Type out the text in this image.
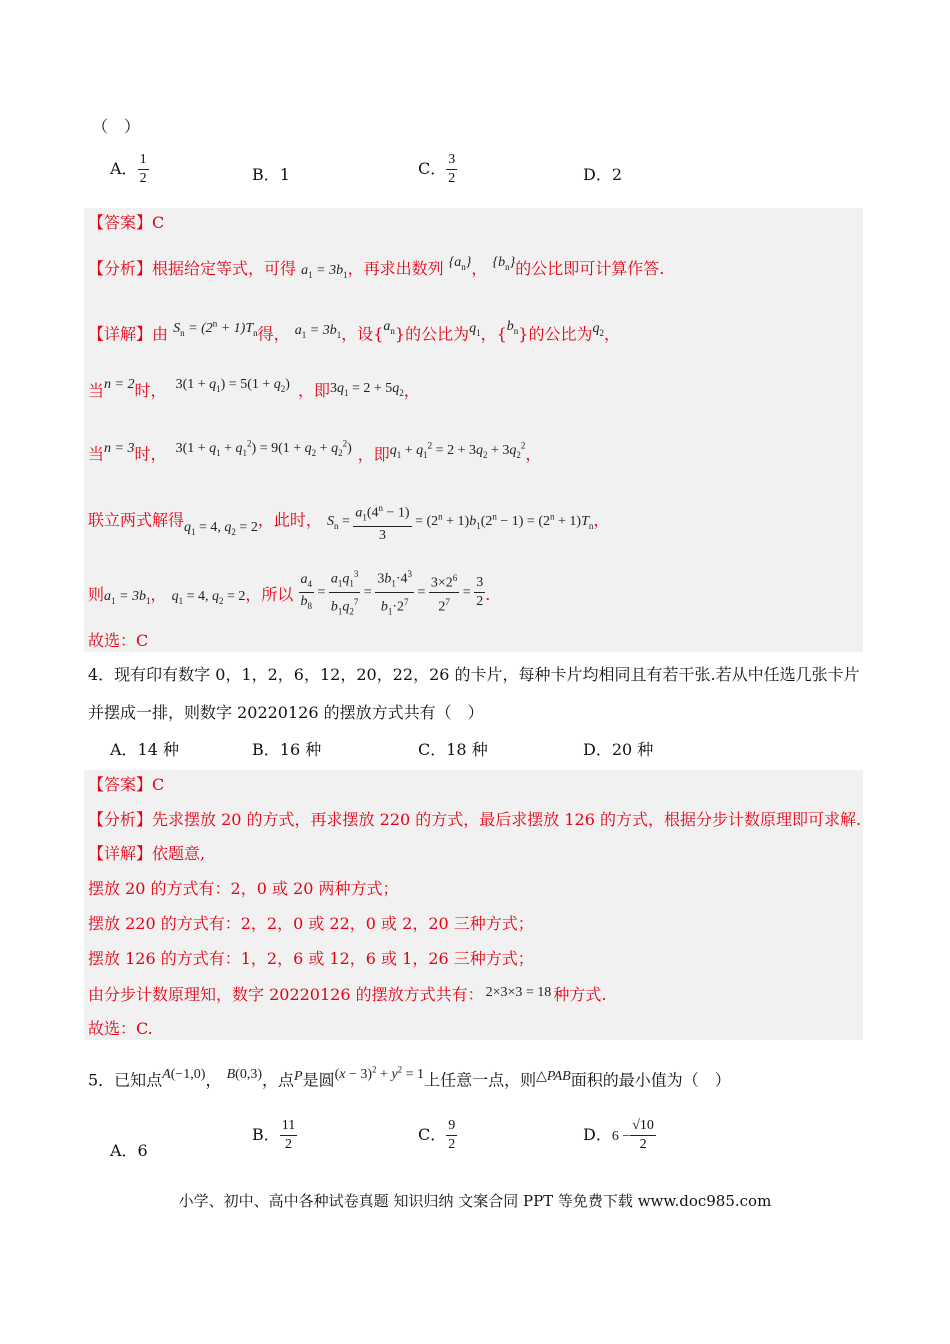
（　）
A． $\frac{1}{2}$	B．1	C． $\frac{3}{2}$	D．2
【答案】C
【分析】根据给定等式，可得 $a_1 = 3b_1$，再求出数列 $\{a_n\}$， $\{b_n\}$的公比即可计算作答.
【详解】由 $S_n = (2^n + 1)T_n$得， $a_1 = 3b_1$，设$\{a_n\}$的公比为$q_1$，$\{b_n\}$的公比为$q_2$，
当n = 2时， $3(1 + q_1) = 5(1 + q_2)$ ，即$3q_1 = 2 + 5q_2$，
当n = 3时， $3(1 + q_1 + q_1^2) = 9(1 + q_2 + q_2^2)$ ，即$q_1 + q_1^2 = 2 + 3q_2 + 3q_2^2$，
联立两式解得$q_1 = 4$, $q_2 = 2$，此时， $S_n = \frac{a_1(4^n - 1)}{3} = (2^n + 1)b_1(2^n - 1) = (2^n + 1)T_n$，
则$a_1 = 3b_1$， $q_1 = 4$, $q_2 = 2$，所以 $\frac{a_4}{b_8} = \frac{a_1q_1^3}{b_1q_2^7} = \frac{3b_1\cdot 4^3}{b_1\cdot 2^7} = \frac{3\times 2^6}{2^7} = \frac{3}{2}$ .
故选：C
4．现有印有数字 0，1，2，6，12，20，22，26 的卡片，每种卡片均相同且有若干张.若从中任选几张卡片
并摆成一排，则数字 20220126 的摆放方式共有（　）
A．14 种	B．16 种	C．18 种	D．20 种
【答案】C
【分析】先求摆放 20 的方式，再求摆放 220 的方式，最后求摆放 126 的方式，根据分步计数原理即可求解.
【详解】依题意,
摆放 20 的方式有：2，0 或 20 两种方式；
摆放 220 的方式有：2，2，0 或 22，0 或 2，20 三种方式；
摆放 126 的方式有：1，2，6 或 12，6 或 1，26 三种方式；
由分步计数原理知，数字 20220126 的摆放方式共有： 2×3×3 = 18 种方式.
故选：C.
5．已知点A(−1,0)， B(0,3)，点P是圆$(x - 3)^2 + y^2 = 1$上任意一点，则△PAB面积的最小值为（　）
A．6
B． $\frac{11}{2}$	C． $\frac{9}{2}$	D．$6 - \frac{√10}{2}$
小学、初中、高中各种试卷真题 知识归纳 文案合同 PPT 等免费下载 www.doc985.com
